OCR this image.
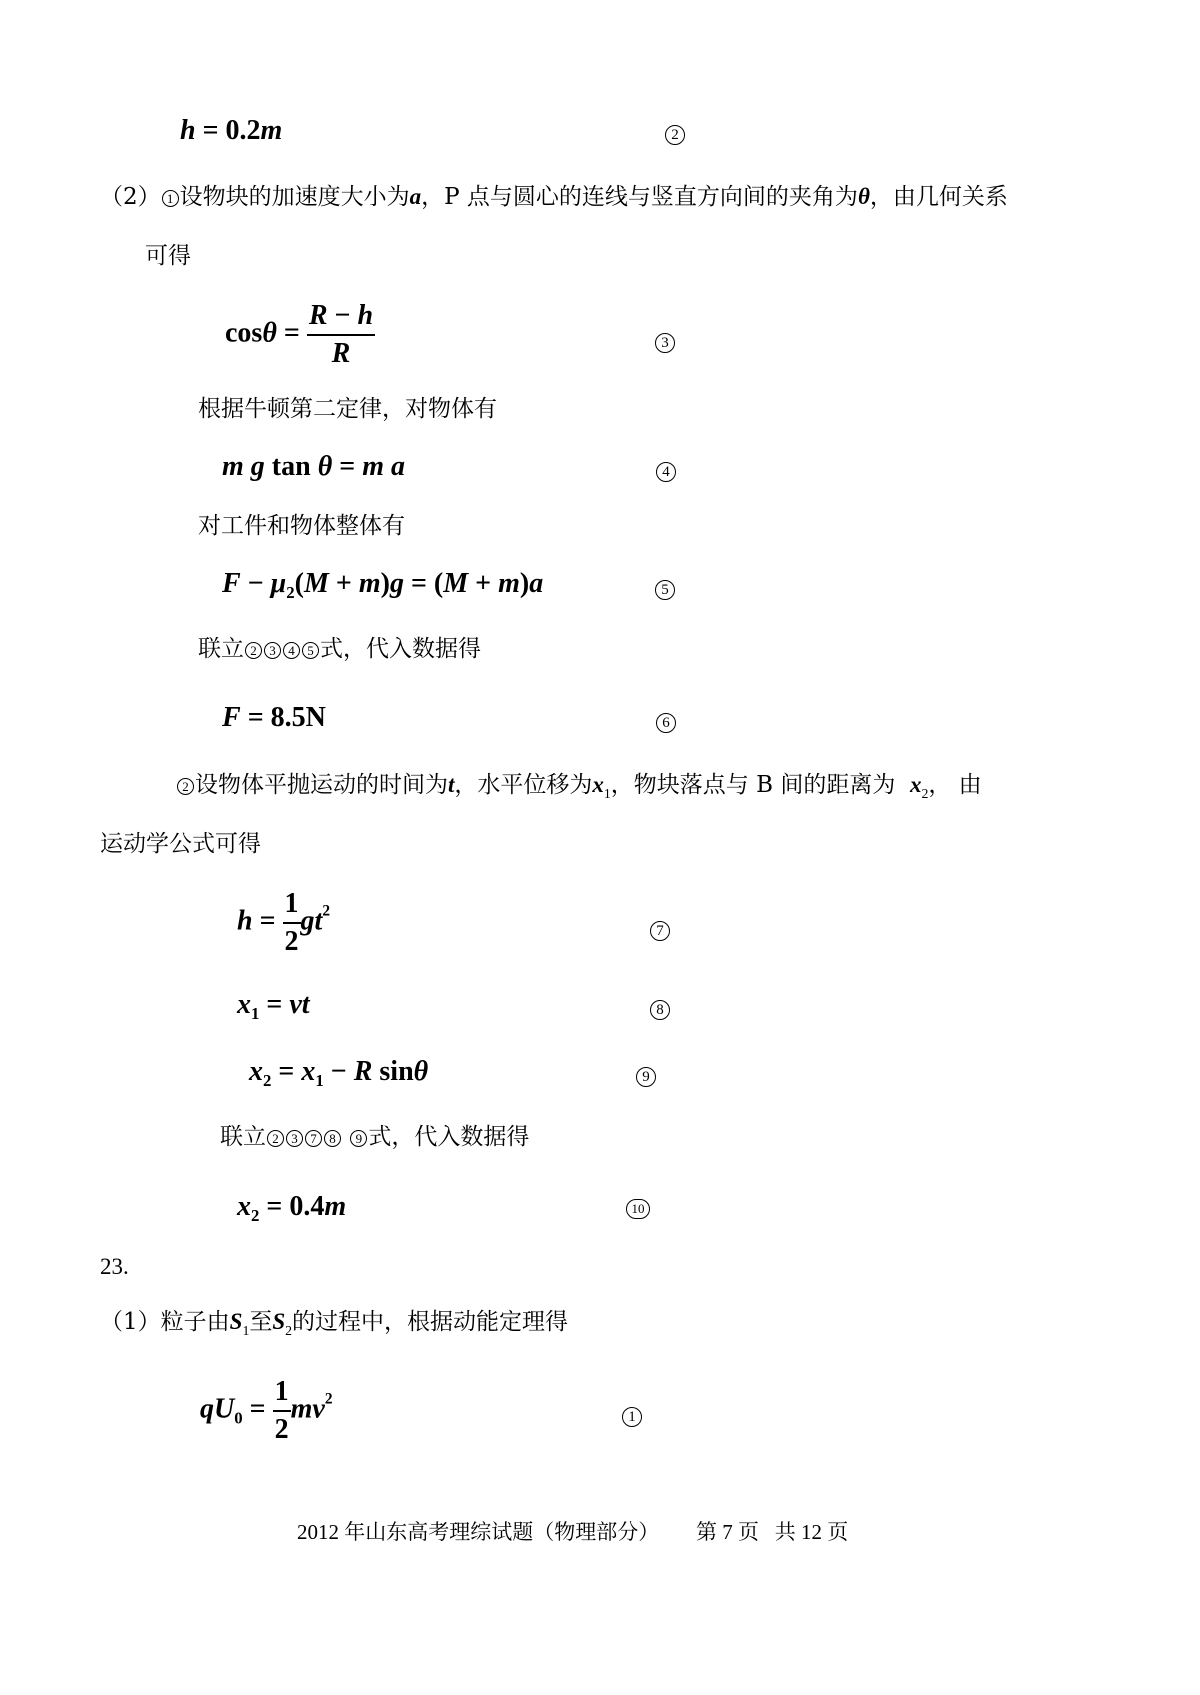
h = 0.2m	2
（2） 1 设物块的加速度大小为a，P 点与圆心的连线与竖直方向间的夹角为θ，由几何关系
可得
$\cos\theta = \frac{R - h}{R}$	3
根据牛顿第二定律，对物体有
m g tan θ = m a	4
对工件和物体整体有
$F - \mu_2(M + m)g = (M + m)a$	5
联立 2 3 4 5 式，代入数据得
F = 8.5N	6
2 设物体平抛运动的时间为t，水平位移为$x_1$，物块落点与 B 间的距离为 $x_2$， 由
运动学公式可得
$h = \frac{1}{2} gt^2$
7
$x_1$ = vt	8
$x_2 = x_1 - R$ sinθ	9
联立 2 3 7 8 9 式，代入数据得
$x_2 = 0.4m$	10
23.
（1）粒子由$S_1$至$S_2$的过程中，根据动能定理得
$qU_0 = \frac{1}{2} mv^2$
1
2012 年山东高考理综试题（物理部分） 第 7 页 共 12 页
